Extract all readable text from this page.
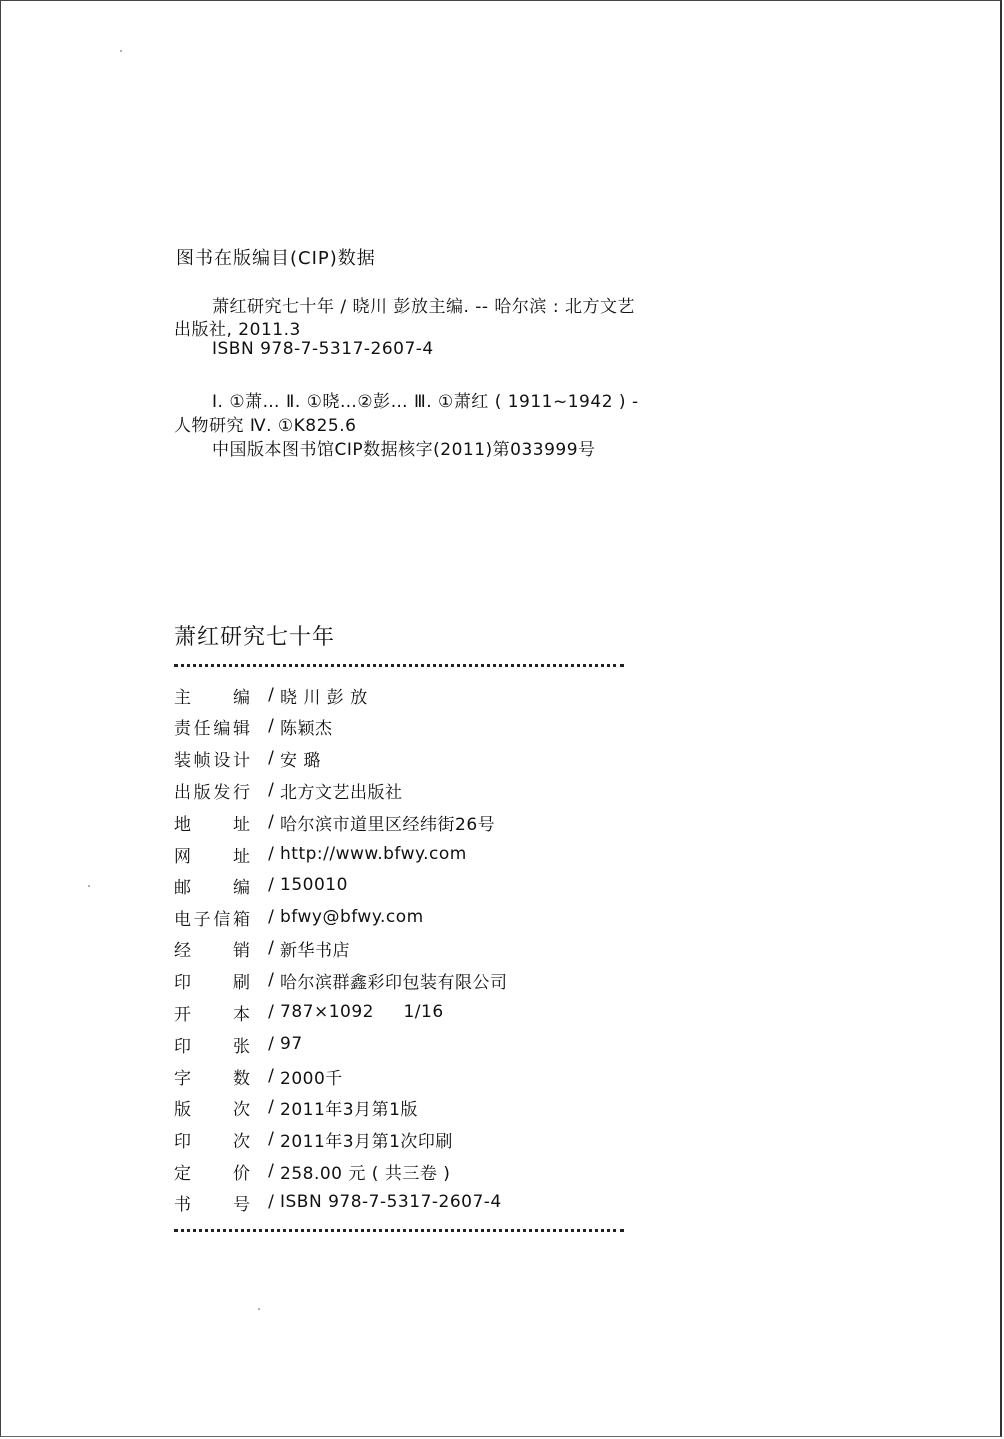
图书在版编目(CIP)数据
萧红研究七十年 / 晓川 彭放主编. -- 哈尔滨 : 北方文艺
出版社, 2011.3
ISBN 978-7-5317-2607-4
Ⅰ. ①萧… Ⅱ. ①晓…②彭… Ⅲ. ①萧红 ( 1911~1942 ) -
人物研究 Ⅳ. ①K825.6
中国版本图书馆CIP数据核字(2011)第033999号
萧红研究七十年
主编	/ 晓 川 彭 放
责任编辑	/ 陈颖杰
装帧设计	/ 安 璐
出版发行	/ 北方文艺出版社
地址	/ 哈尔滨市道里区经纬街26号
网址	/ http://www.bfwy.com
邮编	/ 150010
电子信箱	/ bfwy@bfwy.com
经销	/ 新华书店
印刷	/ 哈尔滨群鑫彩印包装有限公司
开本	/ 787×1092     1/16
印张	/ 97
字数	/ 2000千
版次	/ 2011年3月第1版
印次	/ 2011年3月第1次印刷
定价	/ 258.00 元 ( 共三卷 )
书号	/ ISBN 978-7-5317-2607-4
